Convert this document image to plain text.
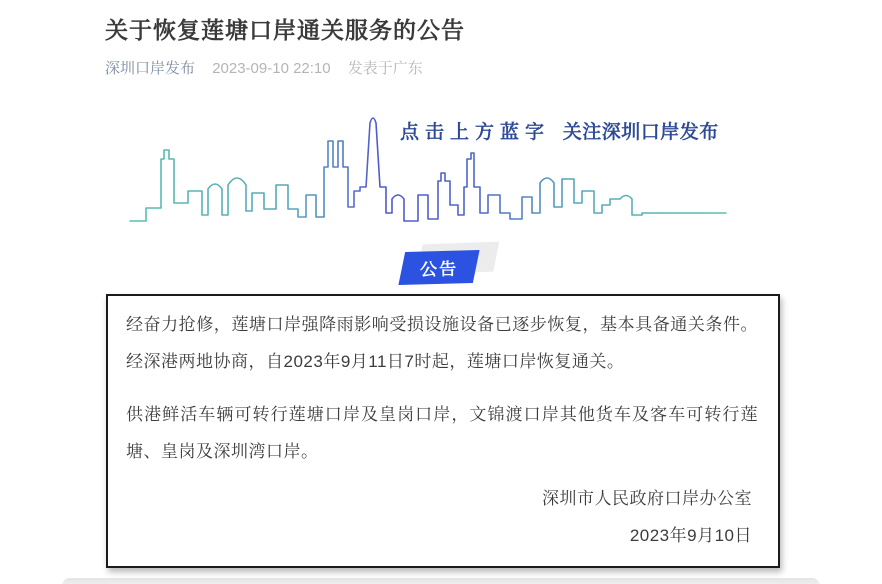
关于恢复莲塘口岸通关服务的公告
深圳口岸发布 2023-09-10 22:10 发表于广东
点击上方蓝字 关注深圳口岸发布
公告

经奋力抢修，莲塘口岸强降雨影响受损设施设备已逐步恢复，基本具备通关条件。经深港两地协商，自2023年9月11日7时起，莲塘口岸恢复通关。

供港鲜活车辆可转行莲塘口岸及皇岗口岸，文锦渡口岸其他货车及客车可转行莲塘、皇岗及深圳湾口岸。

深圳市人民政府口岸办公室
2023年9月10日
